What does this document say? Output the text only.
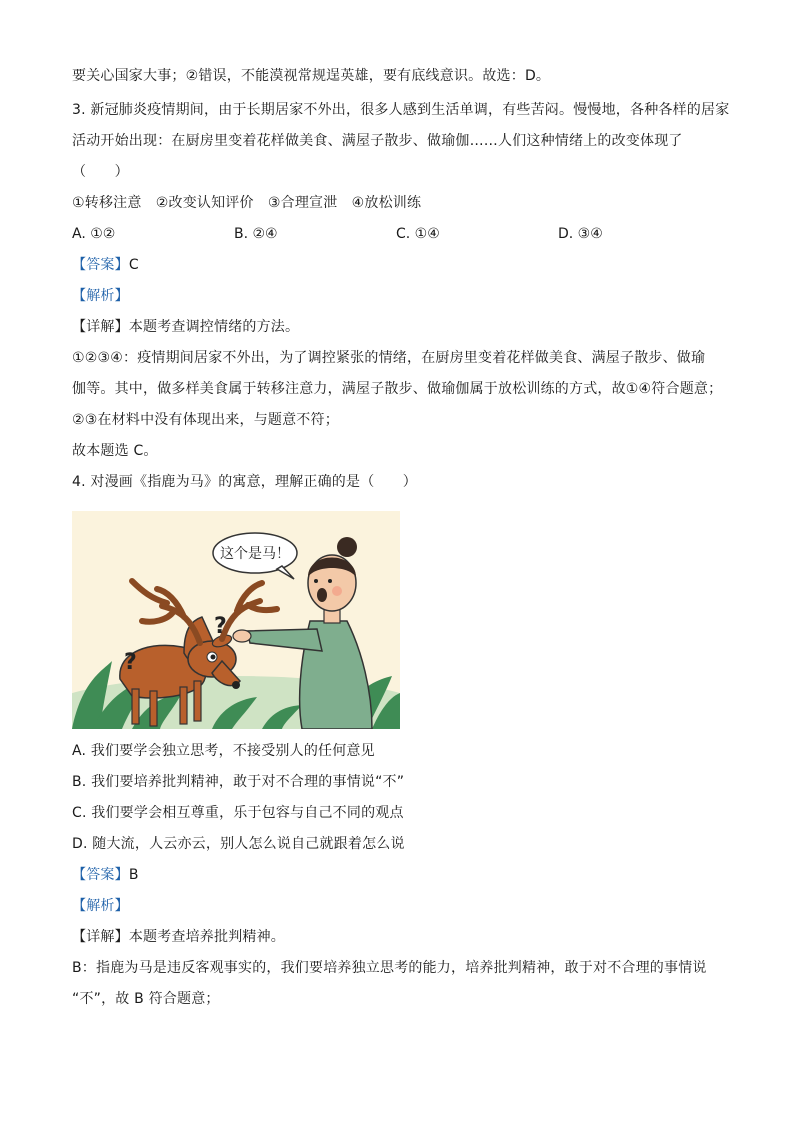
要关心国家大事；②错误，不能漠视常规逞英雄，要有底线意识。故选：D。
3. 新冠肺炎疫情期间，由于长期居家不外出，很多人感到生活单调，有些苦闷。慢慢地，各种各样的居家
活动开始出现：在厨房里变着花样做美食、满屋子散步、做瑜伽……人们这种情绪上的改变体现了
（　　）
①转移注意　②改变认知评价　③合理宣泄　④放松训练
A. ①②	B. ②④	C. ①④	D. ③④
【答案】C
【解析】
【详解】本题考查调控情绪的方法。
①②③④：疫情期间居家不外出，为了调控紧张的情绪，在厨房里变着花样做美食、满屋子散步、做瑜
伽等。其中，做多样美食属于转移注意力，满屋子散步、做瑜伽属于放松训练的方式，故①④符合题意；
②③在材料中没有体现出来，与题意不符；
故本题选 C。
4. 对漫画《指鹿为马》的寓意，理解正确的是（　　）
这个是马！
?
?
A. 我们要学会独立思考，不接受别人的任何意见
B. 我们要培养批判精神，敢于对不合理的事情说“不”
C. 我们要学会相互尊重，乐于包容与自己不同的观点
D. 随大流，人云亦云，别人怎么说自己就跟着怎么说
【答案】B
【解析】
【详解】本题考查培养批判精神。
B：指鹿为马是违反客观事实的，我们要培养独立思考的能力，培养批判精神，敢于对不合理的事情说
“不”，故 B 符合题意；
